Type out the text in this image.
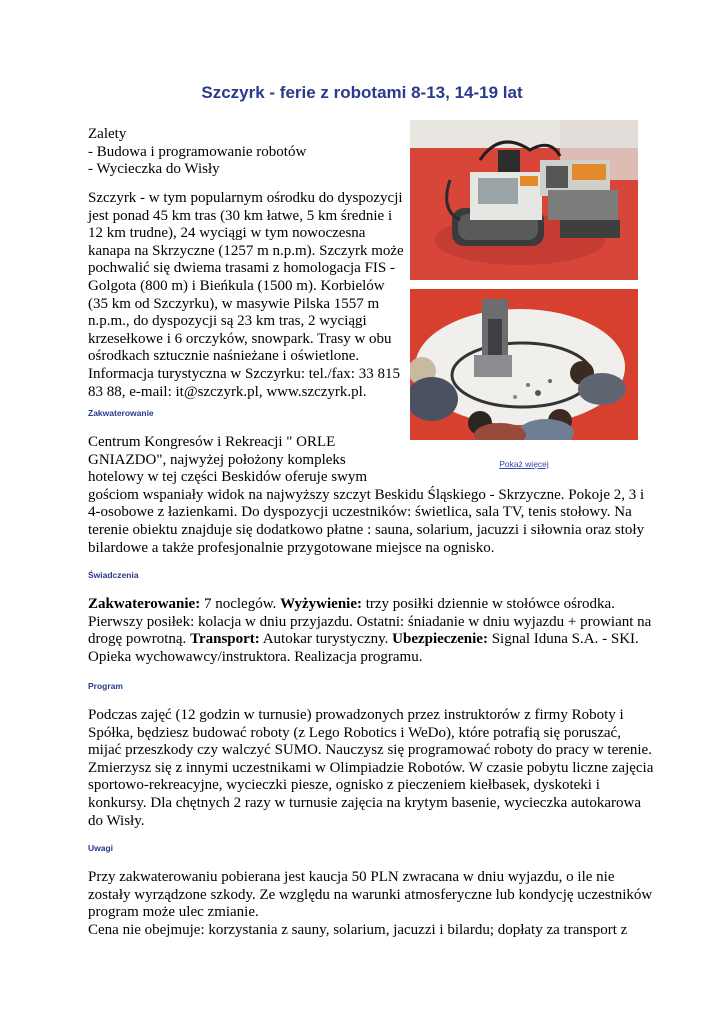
Szczyrk - ferie z robotami 8-13, 14-19 lat
Pokaż więcej
Zalety
- Budowa i programowanie robotów
- Wycieczka do Wisły
Szczyrk - w tym popularnym ośrodku do dyspozycji
jest ponad 45 km tras (30 km łatwe, 5 km średnie i
12 km trudne), 24 wyciągi w tym nowoczesna
kanapa na Skrzyczne (1257 m n.p.m). Szczyrk może
pochwalić się dwiema trasami z homologacja FIS -
Golgota (800 m) i Bieńkula (1500 m). Korbielów
(35 km od Szczyrku), w masywie Pilska 1557 m
n.p.m., do dyspozycji są 23 km tras, 2 wyciągi
krzesełkowe i 6 orczyków, snowpark. Trasy w obu
ośrodkach sztucznie naśnieżane i oświetlone.
Informacja turystyczna w Szczyrku: tel./fax: 33 815
83 88, e-mail: it@szczyrk.pl, www.szczyrk.pl.
Zakwaterowanie
Centrum Kongresów i Rekreacji " ORLE
GNIAZDO", najwyżej położony kompleks
hotelowy w tej części Beskidów oferuje swym
gościom wspaniały widok na najwyższy szczyt Beskidu Śląskiego - Skrzyczne. Pokoje 2, 3 i
4-osobowe z łazienkami. Do dyspozycji uczestników: świetlica, sala TV, tenis stołowy. Na
terenie obiektu znajduje się dodatkowo płatne : sauna, solarium, jacuzzi i siłownia oraz stoły
bilardowe a także profesjonalnie przygotowane miejsce na ognisko.
Świadczenia
Zakwaterowanie: 7 noclegów. Wyżywienie: trzy posiłki dziennie w stołówce ośrodka.
Pierwszy posiłek: kolacja w dniu przyjazdu. Ostatni: śniadanie w dniu wyjazdu + prowiant na
drogę powrotną. Transport: Autokar turystyczny. Ubezpieczenie: Signal Iduna S.A. - SKI.
Opieka wychowawcy/instruktora. Realizacja programu.
Program
Podczas zajęć (12 godzin w turnusie) prowadzonych przez instruktorów z firmy Roboty i
Spółka, będziesz budować roboty (z Lego Robotics i WeDo), które potrafią się poruszać,
mijać przeszkody czy walczyć SUMO. Nauczysz się programować roboty do pracy w terenie.
Zmierzysz się z innymi uczestnikami w Olimpiadzie Robotów. W czasie pobytu liczne zajęcia
sportowo-rekreacyjne, wycieczki piesze, ognisko z pieczeniem kiełbasek, dyskoteki i
konkursy. Dla chętnych 2 razy w turnusie zajęcia na krytym basenie, wycieczka autokarowa
do Wisły.
Uwagi
Przy zakwaterowaniu pobierana jest kaucja 50 PLN zwracana w dniu wyjazdu, o ile nie
zostały wyrządzone szkody. Ze względu na warunki atmosferyczne lub kondycję uczestników
program może ulec zmianie.
Cena nie obejmuje: korzystania z sauny, solarium, jacuzzi i bilardu; dopłaty za transport z
